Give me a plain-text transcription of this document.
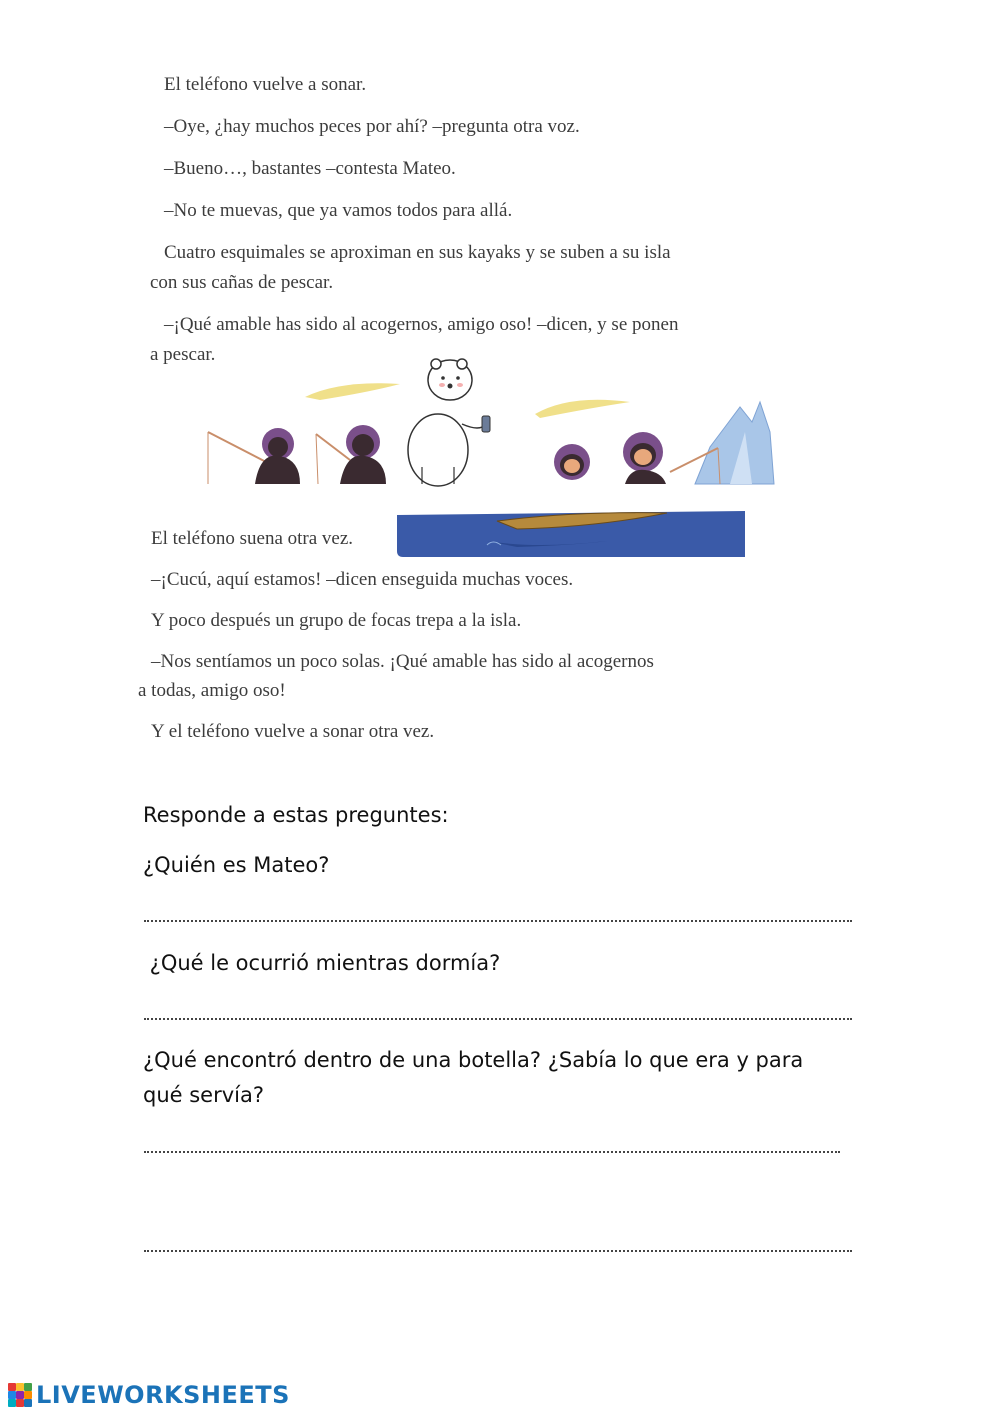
El teléfono vuelve a sonar.
–Oye, ¿hay muchos peces por ahí? –pregunta otra voz.
–Bueno…, bastantes –contesta Mateo.
–No te muevas, que ya vamos todos para allá.
Cuatro esquimales se aproximan en sus kayaks y se suben a su isla
con sus cañas de pescar.
–¡Qué amable has sido al acogernos, amigo oso! –dicen, y se ponen
a pescar.
El teléfono suena otra vez.
–¡Cucú, aquí estamos! –dicen enseguida muchas voces.
Y poco después un grupo de focas trepa a la isla.
–Nos sentíamos un poco solas. ¡Qué amable has sido al acogernos
a todas, amigo oso!
Y el teléfono vuelve a sonar otra vez.
Responde a estas preguntes:
¿Quién es Mateo?
¿Qué le ocurrió mientras dormía?
¿Qué encontró dentro de una botella? ¿Sabía lo que era y para
qué servía?
LIVEWORKSHEETS
